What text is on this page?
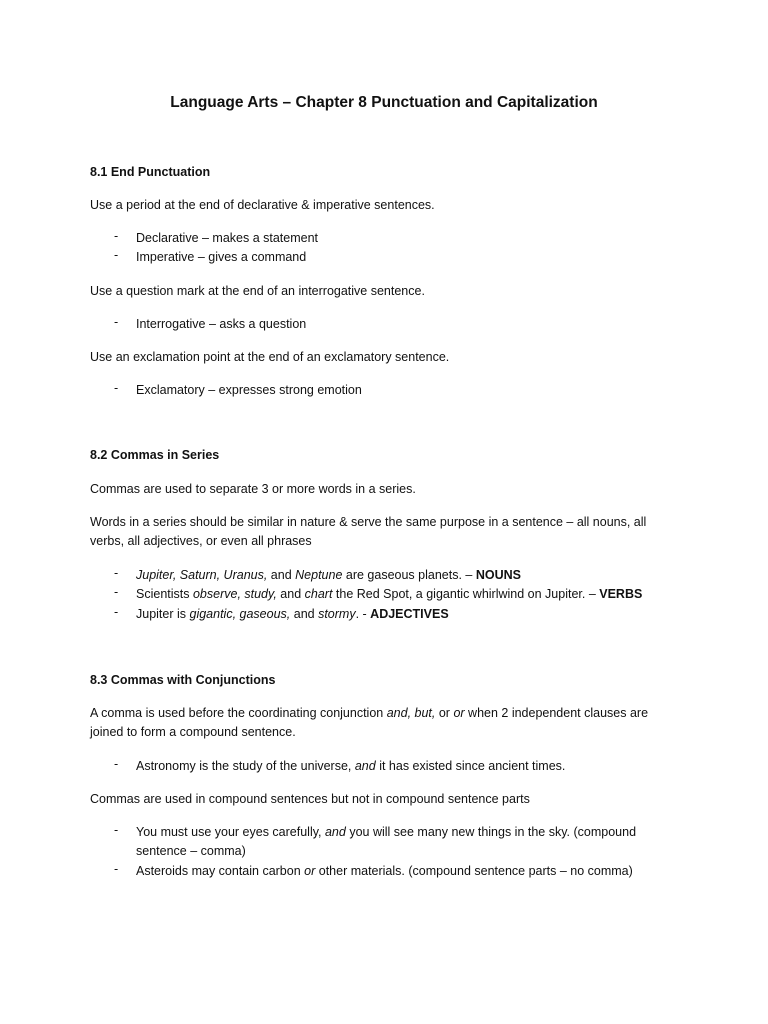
Language Arts – Chapter 8 Punctuation and Capitalization
8.1 End Punctuation
Use a period at the end of declarative & imperative sentences.
- Declarative – makes a statement
- Imperative – gives a command
Use a question mark at the end of an interrogative sentence.
- Interrogative – asks a question
Use an exclamation point at the end of an exclamatory sentence.
- Exclamatory – expresses strong emotion
8.2 Commas in Series
Commas are used to separate 3 or more words in a series.
Words in a series should be similar in nature & serve the same purpose in a sentence – all nouns, all verbs, all adjectives, or even all phrases
- Jupiter, Saturn, Uranus, and Neptune are gaseous planets. – NOUNS
- Scientists observe, study, and chart the Red Spot, a gigantic whirlwind on Jupiter. – VERBS
- Jupiter is gigantic, gaseous, and stormy. - ADJECTIVES
8.3 Commas with Conjunctions
A comma is used before the coordinating conjunction and, but, or or when 2 independent clauses are joined to form a compound sentence.
- Astronomy is the study of the universe, and it has existed since ancient times.
Commas are used in compound sentences but not in compound sentence parts
- You must use your eyes carefully, and you will see many new things in the sky. (compound sentence – comma)
- Asteroids may contain carbon or other materials. (compound sentence parts – no comma)
